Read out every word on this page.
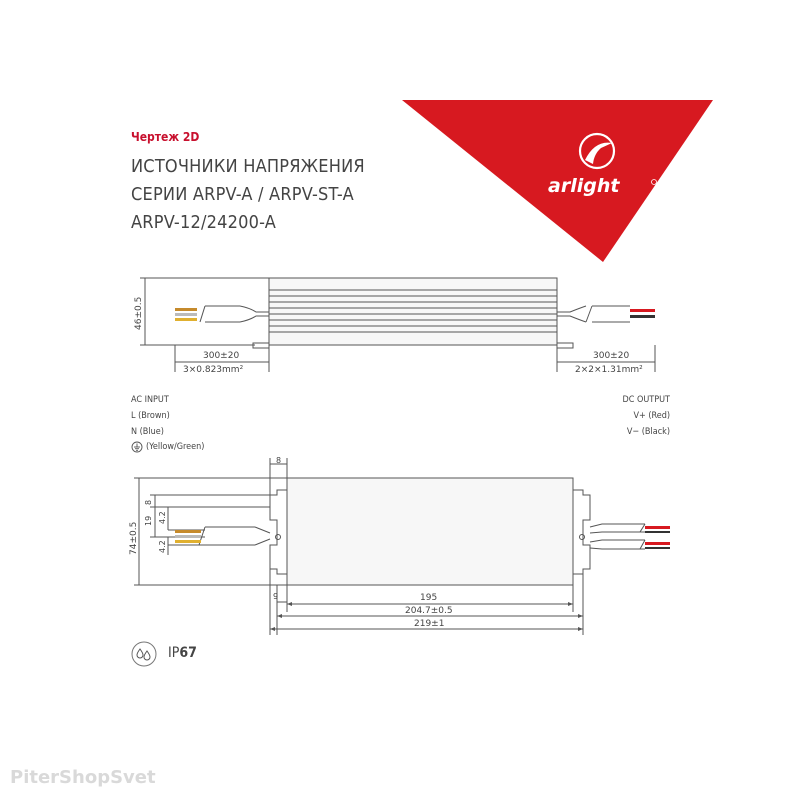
Чертеж 2D
ИСТОЧНИКИ НАПРЯЖЕНИЯ
СЕРИИ ARPV-A / ARPV-ST-A
ARPV-12/24200-A
arlight
46±0.5
300±20
3×0.823mm²
300±20
2×2×1.31mm²
AC INPUT
L (Brown)
N (Blue)
(Yellow/Green)
DC OUTPUT
V+ (Red)
V− (Black)
8
8
19 4.2
4.2
74±0.5
9	195
204.7±0.5
219±1
IP67
PiterShopSvet
